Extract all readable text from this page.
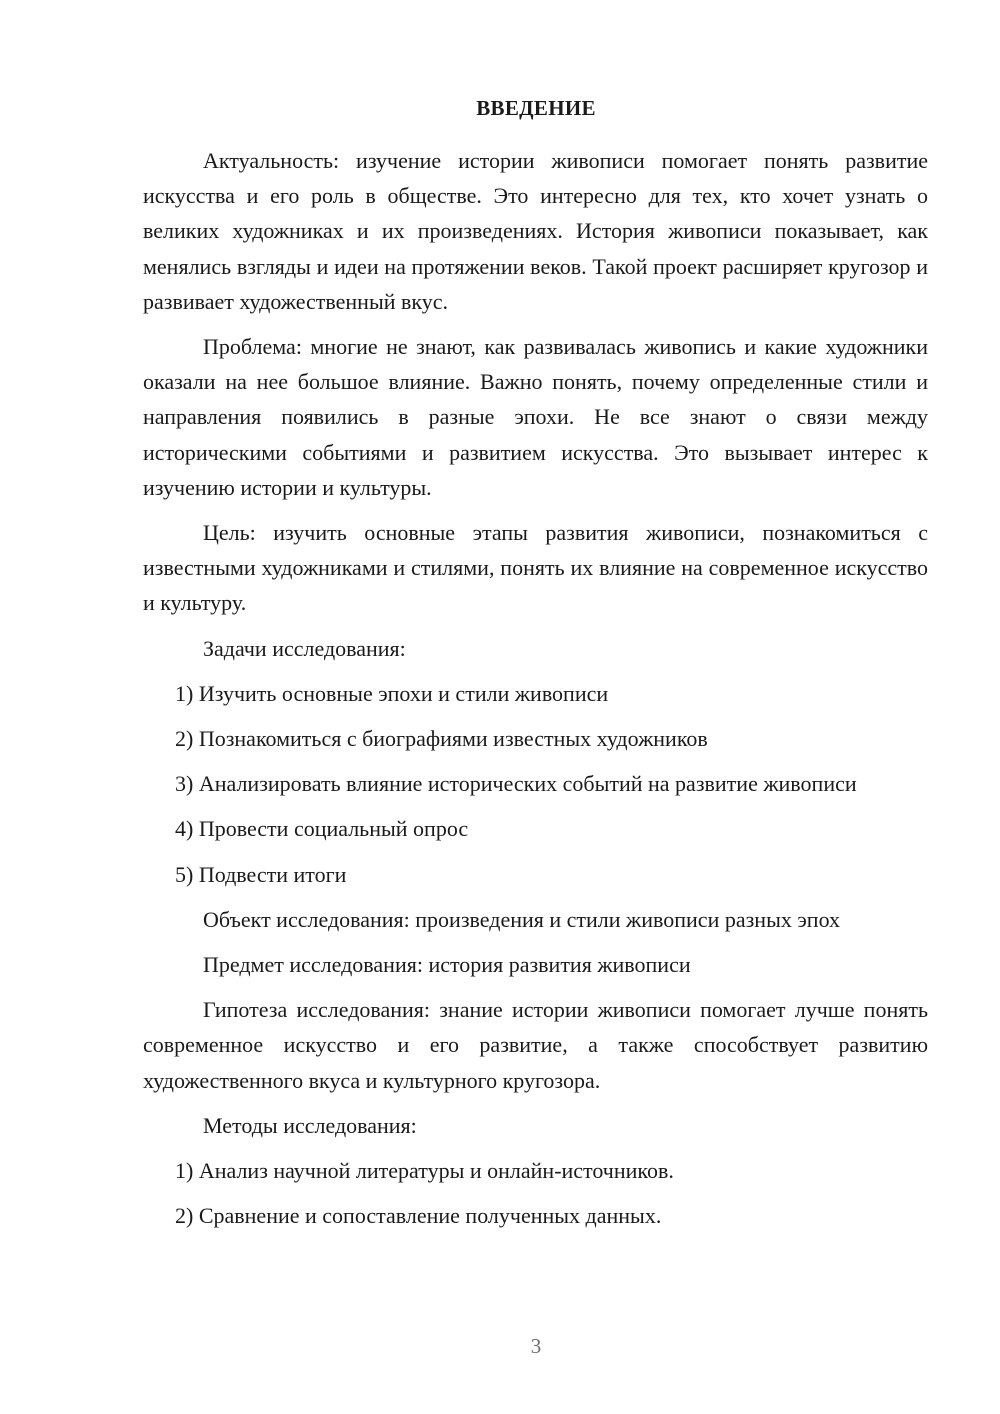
ВВЕДЕНИЕ

Актуальность: изучение истории живописи помогает понять развитие искусства и его роль в обществе. Это интересно для тех, кто хочет узнать о великих художниках и их произведениях. История живописи показывает, как менялись взгляды и идеи на протяжении веков. Такой проект расширяет кругозор и развивает художественный вкус.

Проблема: многие не знают, как развивалась живопись и какие художники оказали на нее большое влияние. Важно понять, почему определенные стили и направления появились в разные эпохи. Не все знают о связи между историческими событиями и развитием искусства. Это вызывает интерес к изучению истории и культуры.

Цель: изучить основные этапы развития живописи, познакомиться с известными художниками и стилями, понять их влияние на современное искусство и культуру.

Задачи исследования:

1) Изучить основные эпохи и стили живописи

2) Познакомиться с биографиями известных художников

3) Анализировать влияние исторических событий на развитие живописи

4) Провести социальный опрос

5) Подвести итоги

Объект исследования: произведения и стили живописи разных эпох

Предмет исследования: история развития живописи

Гипотеза исследования: знание истории живописи помогает лучше понять современное искусство и его развитие, а также способствует развитию художественного вкуса и культурного кругозора.

Методы исследования:

1) Анализ научной литературы и онлайн-источников.

2) Сравнение и сопоставление полученных данных.

3
